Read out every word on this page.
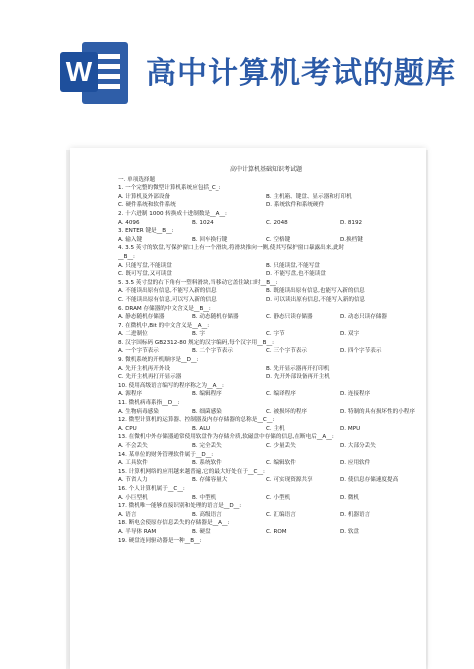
W 高中计算机考试的题库
高中计算机基础知识考试题
一. 单项选择题
1. 一个完整的微型计算机系统应包括_C_:
A. 计算机及外部设备	B. 主机箱、键盘、显示器和打印机
C. 硬件系统和软件系统	D. 系统软件和系统硬件
2. 十六进制 1000 转换成十进制数是__A__:
A. 4096	B. 1024	C. 2048	D. 8192
3. ENTER 键是__B__:
A. 输入键	B. 回车换行键	C. 空格键	D.换档键
4. 3.5 英寸的软盘,写保护窗口上有一个滑块,将滑块推向一侧,使其写保护窗口暴露出来,此时
__B__:
A. 只能写盘,不能读盘	B. 只能读盘,不能写盘
C. 既可写盘,又可读盘	D. 不能写盘,也不能读盘
5. 3.5 英寸盘的右下角有一塑料滑块,当移动它盖住缺口时__B__:
A. 不能读出原有信息,不能写入新的信息	B. 既能读出原有信息,也能写入新的信息
C. 不能读出原有信息,可以写入新的信息	D. 可以读出原有信息,不能写入新的信息
6. DRAM 存储器的中文含义是__B__:
A. 静态随机存储器	B. 动态随机存储器	C. 静态只读存储器	D. 动态只读存储器
7. 在微机中,Bit 的中文含义是__A__:
A. 二进制位	B. 字	C. 字节	D. 双字
8. 汉字国标码 GB2312-80 规定的汉字编码,每个汉字用__B__:
A. 一个字节表示	B. 二个字节表示	C. 三个字节表示	D. 四个字节表示
9. 微机系统的开机顺序是__D__:
A. 先开主机再开外设	B. 先开显示器再开打印机
C. 先开主机再打开显示器	D. 先开外部设备再开主机
10. 使用高级语言编写的程序称之为__A__:
A. 源程序	B. 编辑程序	C. 编译程序	D. 连接程序
11. 微机病毒系指__D__:
A. 生物病毒感染	B. 细菌感染	C. 被损坏的程序	D. 特制的具有损坏性的小程序
12. 微型计算机的运算器、控制器及内存存储器的总称是__C__:
A. CPU	B. ALU	C. 主机	D. MPU
13. 在微机中外存储器通常使用软盘作为存储介质,软磁盘中存储的信息,在断电后__A__:
A. 不会丢失	B. 完全丢失	C. 少量丢失	D. 大部分丢失
14. 某单位的财务管理软件属于__D__:
A. 工具软件	B. 系统软件	C. 编辑软件	D. 应用软件
15. 计算机网络的应用越来越普遍,它的最大好处在于__C__:
A. 节省人力	B. 存储容量大	C. 可实现资源共享	D. 使信息存储速度提高
16. 个人计算机属于__C__:
A. 小巨型机	B. 中型机	C. 小型机	D. 微机
17. 微机唯一能够直接识别和处理的语言是__D__:
A. 语言	B. 高级语言	C. 汇编语言	D. 机器语言
18. 断电会使原存信息丢失的存储器是__A__:
A. 半导体 RAM	B. 硬盘	C. ROM	D. 软盘
19. 硬盘连同驱动器是一种__B__:
